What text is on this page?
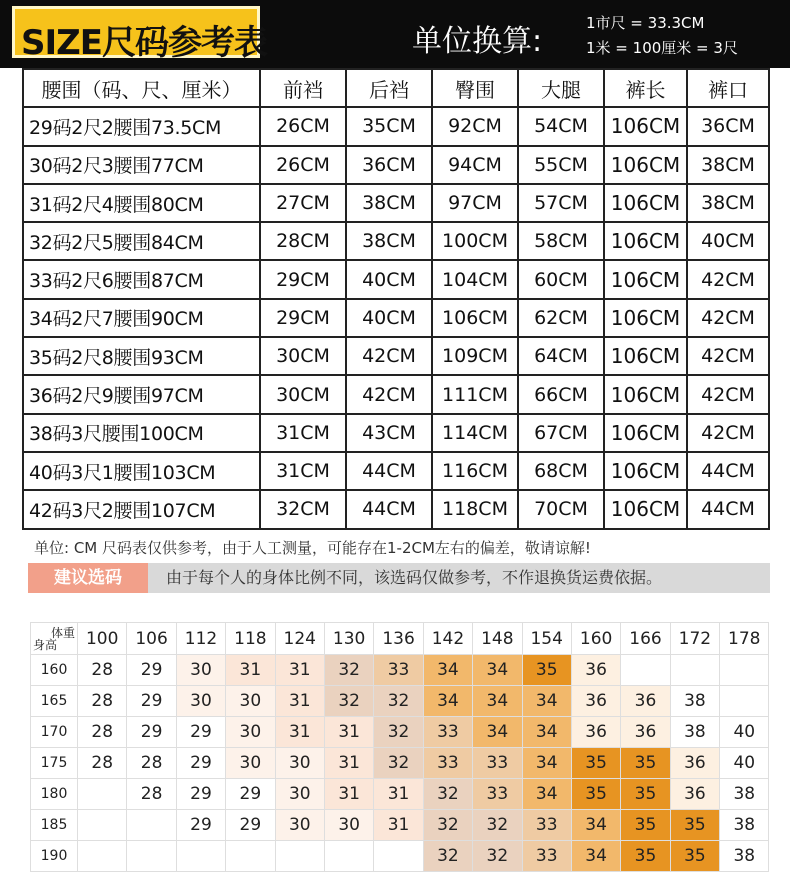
SIZE尺码参考表	单位换算:
1市尺 = 33.3CM
1米 = 100厘米 = 3尺
腰围（码、尺、厘米）	前裆	后裆	臀围	大腿	裤长	裤口
29码2尺2腰围73.5CM	26CM	35CM	92CM	54CM	106CM	36CM
30码2尺3腰围77CM	26CM	36CM	94CM	55CM	106CM	38CM
31码2尺4腰围80CM	27CM	38CM	97CM	57CM	106CM	38CM
32码2尺5腰围84CM	28CM	38CM	100CM	58CM	106CM	40CM
33码2尺6腰围87CM	29CM	40CM	104CM	60CM	106CM	42CM
34码2尺7腰围90CM	29CM	40CM	106CM	62CM	106CM	42CM
35码2尺8腰围93CM	30CM	42CM	109CM	64CM	106CM	42CM
36码2尺9腰围97CM	30CM	42CM	111CM	66CM	106CM	42CM
38码3尺腰围100CM	31CM	43CM	114CM	67CM	106CM	42CM
40码3尺1腰围103CM	31CM	44CM	116CM	68CM	106CM	44CM
42码3尺2腰围107CM	32CM	44CM	118CM	70CM	106CM	44CM
单位: CM 尺码表仅供参考，由于人工测量，可能存在1-2CM左右的偏差，敬请谅解!
建议选码	由于每个人的身体比例不同，该选码仅做参考，不作退换货运费依据。
体重
身高	100	106	112	118	124	130	136	142	148	154	160	166	172	178
160	28	29	30	31	31	32	33	34	34	35	36			
165	28	29	30	30	31	32	32	34	34	34	36	36	38	
170	28	29	29	30	31	31	32	33	34	34	36	36	38	40
175	28	28	29	30	30	31	32	33	33	34	35	35	36	40
180		28	29	29	30	31	31	32	33	34	35	35	36	38
185			29	29	30	30	31	32	32	33	34	35	35	38
190								32	32	33	34	35	35	38
